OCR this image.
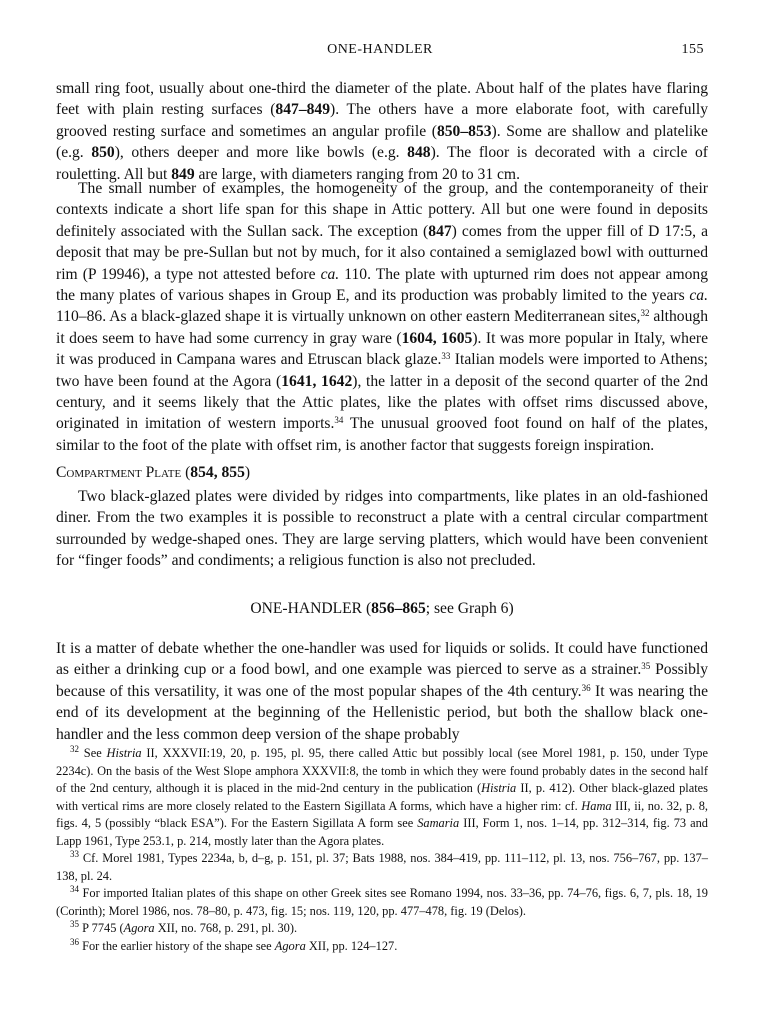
ONE-HANDLER	155
small ring foot, usually about one-third the diameter of the plate. About half of the plates have flaring feet with plain resting surfaces (847–849). The others have a more elaborate foot, with carefully grooved resting surface and sometimes an angular profile (850–853). Some are shallow and platelike (e.g. 850), others deeper and more like bowls (e.g. 848). The floor is decorated with a circle of rouletting. All but 849 are large, with diameters ranging from 20 to 31 cm.
The small number of examples, the homogeneity of the group, and the contemporaneity of their contexts indicate a short life span for this shape in Attic pottery. All but one were found in deposits definitely associated with the Sullan sack. The exception (847) comes from the upper fill of D 17:5, a deposit that may be pre-Sullan but not by much, for it also contained a semiglazed bowl with outturned rim (P 19946), a type not attested before ca. 110. The plate with upturned rim does not appear among the many plates of various shapes in Group E, and its production was probably limited to the years ca. 110–86. As a black-glazed shape it is virtually unknown on other eastern Mediterranean sites,$^{32}$ although it does seem to have had some currency in gray ware (1604, 1605). It was more popular in Italy, where it was produced in Campana wares and Etruscan black glaze.$^{33}$ Italian models were imported to Athens; two have been found at the Agora (1641, 1642), the latter in a deposit of the second quarter of the 2nd century, and it seems likely that the Attic plates, like the plates with offset rims discussed above, originated in imitation of western imports.$^{34}$ The unusual grooved foot found on half of the plates, similar to the foot of the plate with offset rim, is another factor that suggests foreign inspiration.
Compartment Plate (854, 855)
Two black-glazed plates were divided by ridges into compartments, like plates in an old-fashioned diner. From the two examples it is possible to reconstruct a plate with a central circular compartment surrounded by wedge-shaped ones. They are large serving platters, which would have been convenient for “finger foods” and condiments; a religious function is also not precluded.
ONE-HANDLER (856–865; see Graph 6)
It is a matter of debate whether the one-handler was used for liquids or solids. It could have functioned as either a drinking cup or a food bowl, and one example was pierced to serve as a strainer.$^{35}$ Possibly because of this versatility, it was one of the most popular shapes of the 4th century.$^{36}$ It was nearing the end of its development at the beginning of the Hellenistic period, but both the shallow black one-handler and the less common deep version of the shape probably

$^{32}$ See Histria II, XXXVII:19, 20, p. 195, pl. 95, there called Attic but possibly local (see Morel 1981, p. 150, under Type 2234c). On the basis of the West Slope amphora XXXVII:8, the tomb in which they were found probably dates in the second half of the 2nd century, although it is placed in the mid-2nd century in the publication (Histria II, p. 412). Other black-glazed plates with vertical rims are more closely related to the Eastern Sigillata A forms, which have a higher rim: cf. Hama III, ii, no. 32, p. 8, figs. 4, 5 (possibly “black ESA”). For the Eastern Sigillata A form see Samaria III, Form 1, nos. 1–14, pp. 312–314, fig. 73 and Lapp 1961, Type 253.1, p. 214, mostly later than the Agora plates.

$^{33}$ Cf. Morel 1981, Types 2234a, b, d–g, p. 151, pl. 37; Bats 1988, nos. 384–419, pp. 111–112, pl. 13, nos. 756–767, pp. 137–138, pl. 24.

$^{34}$ For imported Italian plates of this shape on other Greek sites see Romano 1994, nos. 33–36, pp. 74–76, figs. 6, 7, pls. 18, 19 (Corinth); Morel 1986, nos. 78–80, p. 473, fig. 15; nos. 119, 120, pp. 477–478, fig. 19 (Delos).

$^{35}$ P 7745 (Agora XII, no. 768, p. 291, pl. 30).

$^{36}$ For the earlier history of the shape see Agora XII, pp. 124–127.
